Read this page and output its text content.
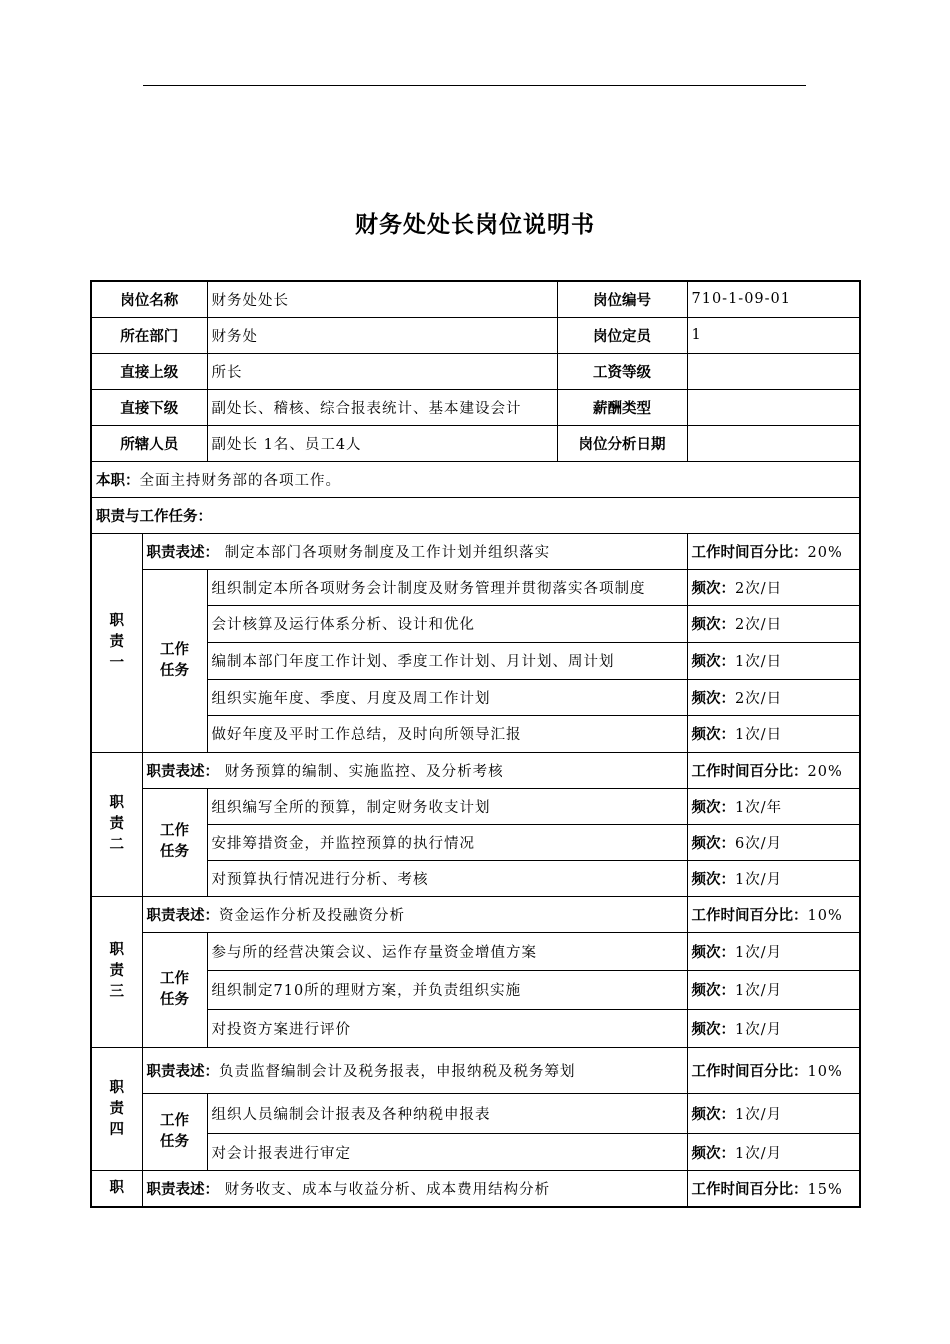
财务处处长岗位说明书
岗位名称		财务处处长	岗位编号	710-1-09-01
所在部门		财务处	岗位定员	1
直接上级		所长	工资等级	
直接下级		副处长、稽核、综合报表统计、基本建设会计	薪酬类型	
所辖人员		副处长 1名、员工4人	岗位分析日期	
本职：全面主持财务部的各项工作。				
职责与工作任务：				
职责一	职责表述： 制定本部门各项财务制度及工作计划并组织落实			工作时间百分比：20%
	工作任务	组织制定本所各项财务会计制度及财务管理并贯彻落实各项制度		频次：2次/日
		会计核算及运行体系分析、设计和优化		频次：2次/日
		编制本部门年度工作计划、季度工作计划、月计划、周计划		频次：1次/日
		组织实施年度、季度、月度及周工作计划		频次：2次/日
		做好年度及平时工作总结，及时向所领导汇报		频次：1次/日
职责二	职责表述： 财务预算的编制、实施监控、及分析考核			工作时间百分比：20%
	工作任务	组织编写全所的预算，制定财务收支计划		频次：1次/年
		安排筹措资金，并监控预算的执行情况		频次：6次/月
		对预算执行情况进行分析、考核		频次：1次/月
职责三	职责表述：资金运作分析及投融资分析			工作时间百分比：10%
	工作任务	参与所的经营决策会议、运作存量资金增值方案		频次：1次/月
		组织制定710所的理财方案，并负责组织实施		频次：1次/月
		对投资方案进行评价		频次：1次/月
职责四	职责表述：负责监督编制会计及税务报表，申报纳税及税务筹划			工作时间百分比：10%
	工作任务	组织人员编制会计报表及各种纳税申报表		频次：1次/月
		对会计报表进行审定		频次：1次/月
职	职责表述： 财务收支、成本与收益分析、成本费用结构分析			工作时间百分比：15%
